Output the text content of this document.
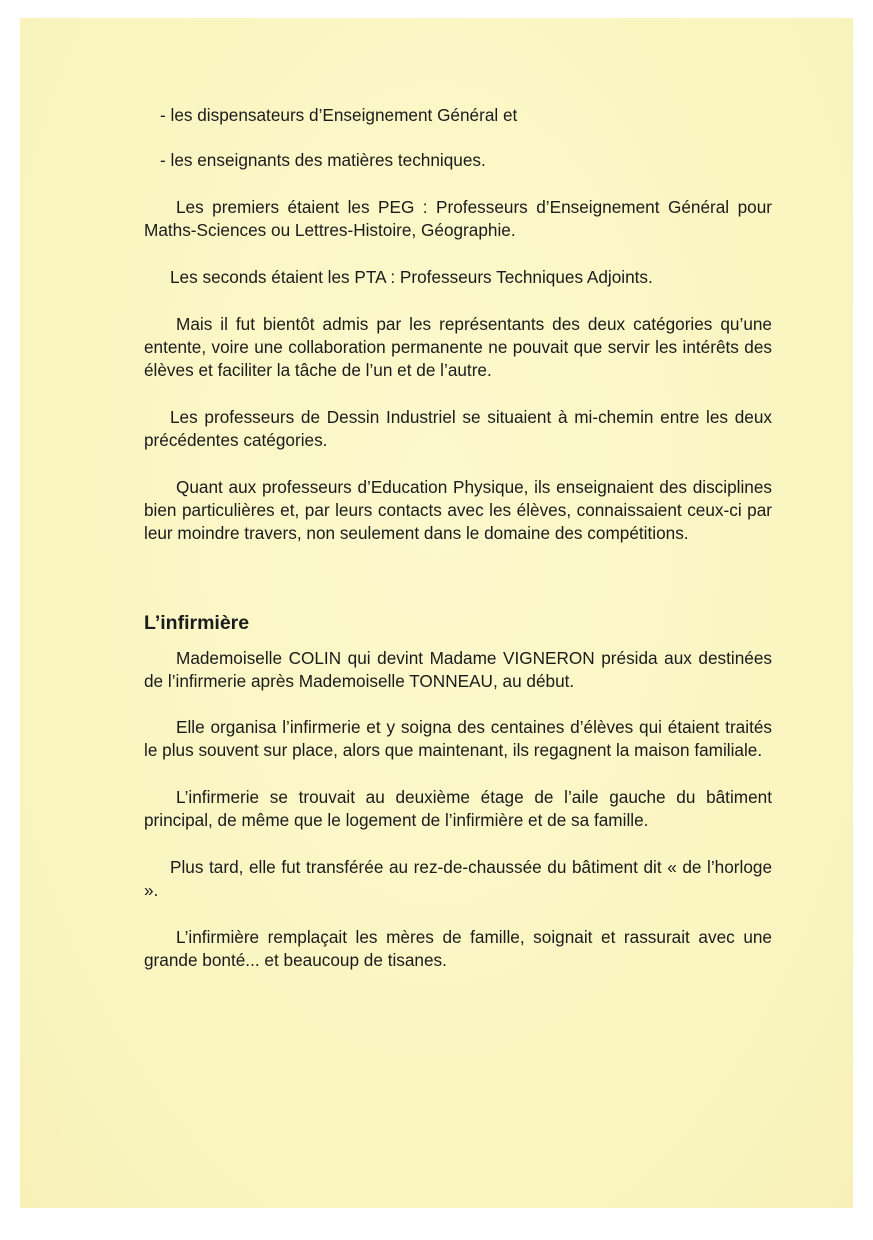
- les dispensateurs d’Enseignement Général et

- les enseignants des matières techniques.

Les premiers étaient les PEG : Professeurs d’Enseignement Général pour Maths-Sciences ou Lettres-Histoire, Géographie.

Les seconds étaient les PTA : Professeurs Techniques Adjoints.

Mais il fut bientôt admis par les représentants des deux catégories qu’une entente, voire une collaboration permanente ne pouvait que servir les intérêts des élèves et faciliter la tâche de l’un et de l’autre.

Les professeurs de Dessin Industriel se situaient à mi-chemin entre les deux précédentes catégories.

Quant aux professeurs d’Education Physique, ils enseignaient des disciplines bien particulières et, par leurs contacts avec les élèves, connaissaient ceux-ci par leur moindre travers, non seulement dans le domaine des compétitions.

L’infirmière

Mademoiselle COLIN qui devint Madame VIGNERON présida aux destinées de l’infirmerie après Mademoiselle TONNEAU, au début.

Elle organisa l’infirmerie et y soigna des centaines d’élèves qui étaient traités le plus souvent sur place, alors que maintenant, ils regagnent la maison familiale.

L’infirmerie se trouvait au deuxième étage de l’aile gauche du bâtiment principal, de même que le logement de l’infirmière et de sa famille.

Plus tard, elle fut transférée au rez-de-chaussée du bâtiment dit « de l’horloge ».

L’infirmière remplaçait les mères de famille, soignait et rassurait avec une grande bonté... et beaucoup de tisanes.
